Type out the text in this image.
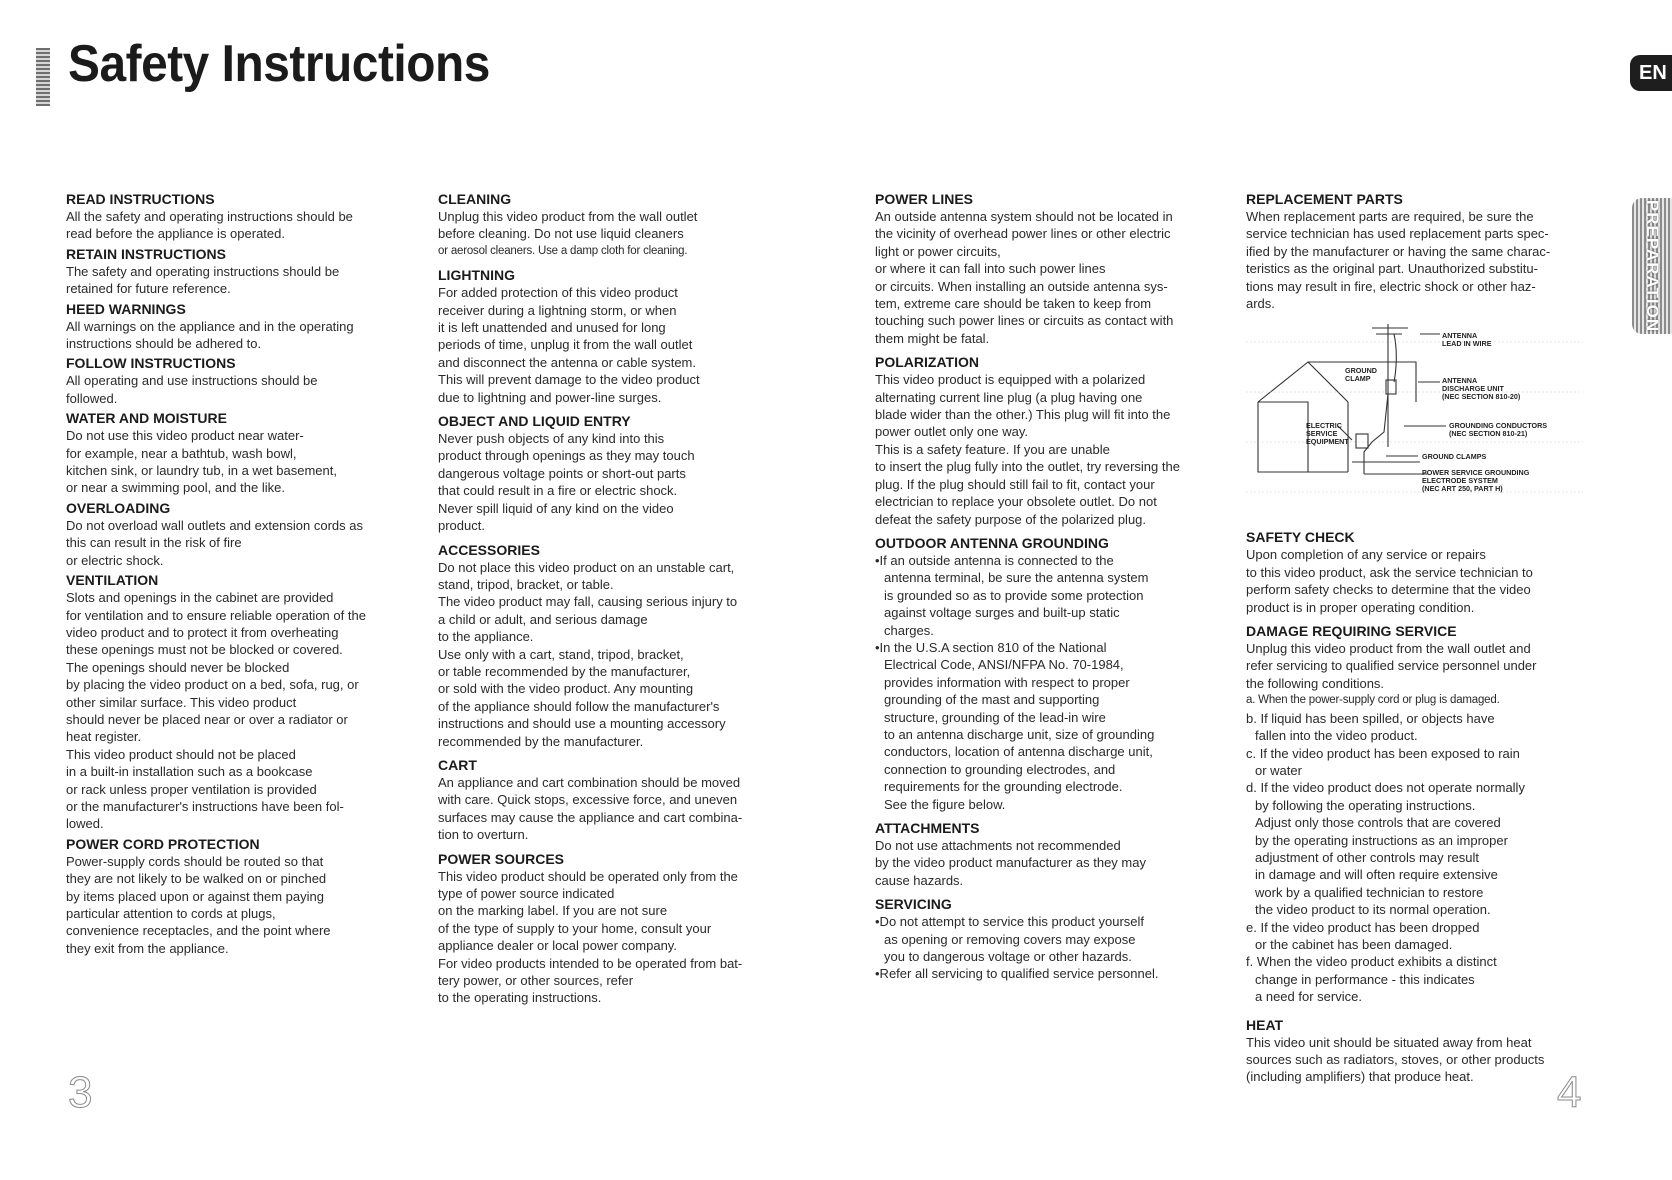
Safety Instructions	EN
PREPARATION
READ INSTRUCTIONS

All the safety and operating instructions should be
read before the appliance is operated.

RETAIN INSTRUCTIONS

The safety and operating instructions should be
retained for future reference.

HEED WARNINGS

All warnings on the appliance and in the operating
instructions should be adhered to.

FOLLOW INSTRUCTIONS

All operating and use instructions should be
followed.

WATER AND MOISTURE

Do not use this video product near water-
for example, near a bathtub, wash bowl,
kitchen sink, or laundry tub, in a wet basement,
or near a swimming pool, and the like.

OVERLOADING

Do not overload wall outlets and extension cords as
this can result in the risk of fire
or electric shock.

VENTILATION

Slots and openings in the cabinet are provided
for ventilation and to ensure reliable operation of the
video product and to protect it from overheating
these openings must not be blocked or covered.
The openings should never be blocked
by placing the video product on a bed, sofa, rug, or
other similar surface. This video product
should never be placed near or over a radiator or
heat register.
This video product should not be placed
in a built-in installation such as a bookcase
or rack unless proper ventilation is provided
or the manufacturer's instructions have been fol-
lowed.

POWER CORD PROTECTION

Power-supply cords should be routed so that
they are not likely to be walked on or pinched
by items placed upon or against them paying
particular attention to cords at plugs,
convenience receptacles, and the point where
they exit from the appliance.

CLEANING

Unplug this video product from the wall outlet
before cleaning. Do not use liquid cleaners

or aerosol cleaners. Use a damp cloth for cleaning.

LIGHTNING

For added protection of this video product
receiver during a lightning storm, or when
it is left unattended and unused for long
periods of time, unplug it from the wall outlet
and disconnect the antenna or cable system.
This will prevent damage to the video product
due to lightning and power-line surges.

OBJECT AND LIQUID ENTRY

Never push objects of any kind into this
product through openings as they may touch
dangerous voltage points or short-out parts
that could result in a fire or electric shock.
Never spill liquid of any kind on the video
product.

ACCESSORIES

Do not place this video product on an unstable cart,
stand, tripod, bracket, or table.
The video product may fall, causing serious injury to
a child or adult, and serious damage
to the appliance.
Use only with a cart, stand, tripod, bracket,
or table recommended by the manufacturer,
or sold with the video product. Any mounting
of the appliance should follow the manufacturer's
instructions and should use a mounting accessory
recommended by the manufacturer.

CART

An appliance and cart combination should be moved
with care. Quick stops, excessive force, and uneven
surfaces may cause the appliance and cart combina-
tion to overturn.

POWER SOURCES

This video product should be operated only from the
type of power source indicated
on the marking label. If you are not sure
of the type of supply to your home, consult your
appliance dealer or local power company.
For video products intended to be operated from bat-
tery power, or other sources, refer
to the operating instructions.

POWER LINES

An outside antenna system should not be located in
the vicinity of overhead power lines or other electric
light or power circuits,
or where it can fall into such power lines
or circuits. When installing an outside antenna sys-
tem, extreme care should be taken to keep from
touching such power lines or circuits as contact with
them might be fatal.

POLARIZATION

This video product is equipped with a polarized
alternating current line plug (a plug having one
blade wider than the other.) This plug will fit into the
power outlet only one way.
This is a safety feature. If you are unable
to insert the plug fully into the outlet, try reversing the
plug. If the plug should still fail to fit, contact your
electrician to replace your obsolete outlet. Do not
defeat the safety purpose of the polarized plug.

OUTDOOR ANTENNA GROUNDING

•If an outside antenna is connected to the
antenna terminal, be sure the antenna system
is grounded so as to provide some protection
against voltage surges and built-up static
charges.

•In the U.S.A section 810 of the National
Electrical Code, ANSI/NFPA No. 70-1984,
provides information with respect to proper
grounding of the mast and supporting
structure, grounding of the lead-in wire
to an antenna discharge unit, size of grounding
conductors, location of antenna discharge unit,
connection to grounding electrodes, and
requirements for the grounding electrode.
See the figure below.

ATTACHMENTS

Do not use attachments not recommended
by the video product manufacturer as they may
cause hazards.

SERVICING

•Do not attempt to service this product yourself
as opening or removing covers may expose
you to dangerous voltage or other hazards.

•Refer all servicing to qualified service personnel.

REPLACEMENT PARTS

When replacement parts are required, be sure the
service technician has used replacement parts spec-
ified by the manufacturer or having the same charac-
teristics as the original part. Unauthorized substitu-
tions may result in fire, electric shock or other haz-
ards.

ANTENNA
LEAD IN WIRE
GROUND
CLAMP	ANTENNA
DISCHARGE UNIT
(NEC SECTION 810-20)
ELECTRIC
SERVICE
EQUIPMENT
GROUNDING CONDUCTORS
(NEC SECTION 810-21)
GROUND CLAMPS
POWER SERVICE GROUNDING
ELECTRODE SYSTEM
(NEC ART 250, PART H)
SAFETY CHECK

Upon completion of any service or repairs
to this video product, ask the service technician to
perform safety checks to determine that the video
product is in proper operating condition.

DAMAGE REQUIRING SERVICE

Unplug this video product from the wall outlet and
refer servicing to qualified service personnel under
the following conditions.

a. When the power-supply cord or plug is damaged.

b. If liquid has been spilled, or objects have
fallen into the video product.

c. If the video product has been exposed to rain
or water

d. If the video product does not operate normally
by following the operating instructions.
Adjust only those controls that are covered
by the operating instructions as an improper
adjustment of other controls may result
in damage and will often require extensive
work by a qualified technician to restore
the video product to its normal operation.

e. If the video product has been dropped
or the cabinet has been damaged.

f. When the video product exhibits a distinct
change in performance - this indicates
a need for service.

HEAT

This video unit should be situated away from heat
sources such as radiators, stoves, or other products
(including amplifiers) that produce heat.

3	4
